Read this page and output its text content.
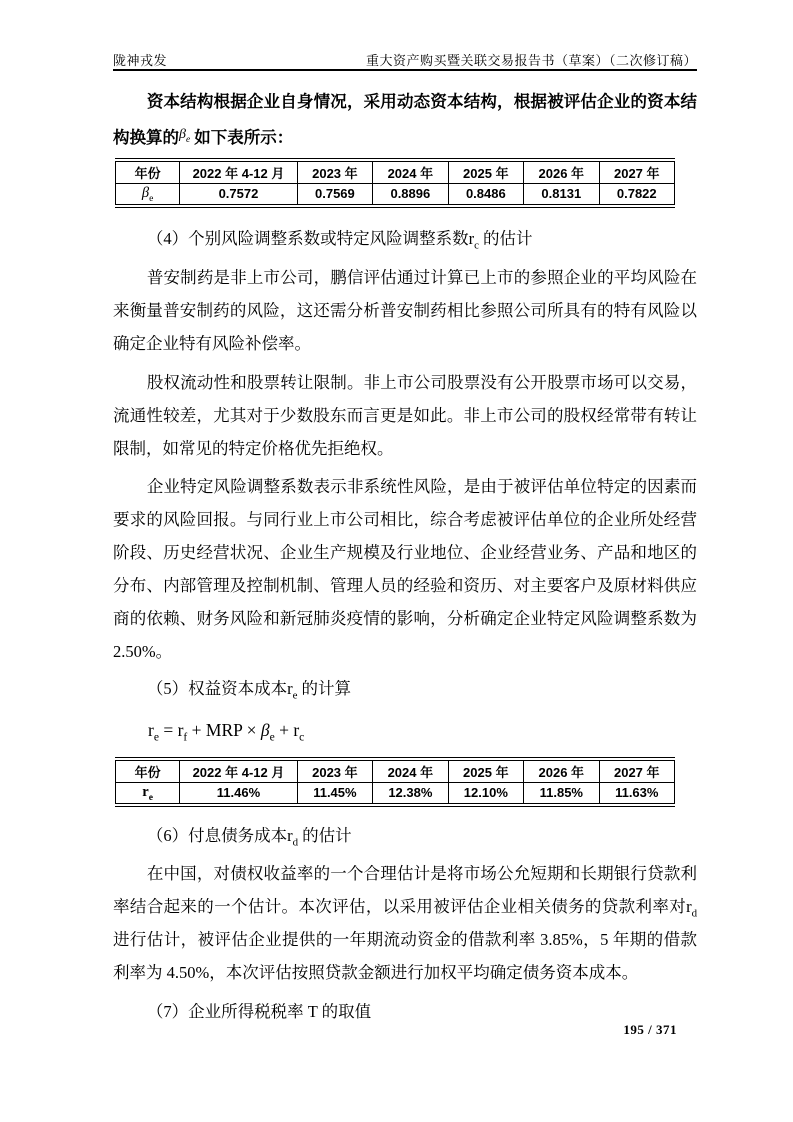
陇神戎发	重大资产购买暨关联交易报告书（草案）（二次修订稿）

资本结构根据企业自身情况，采用动态资本结构，根据被评估企业的资本结构换算的$^{\beta_e}$ 如下表所示：

年份	2022 年 4-12 月	2023 年	2024 年	2025 年	2026 年	2027 年
$\beta_e$	0.7572	0.7569	0.8896	0.8486	0.8131	0.7822

（4）个别风险调整系数或特定风险调整系数$r_c$ 的估计

普安制药是非上市公司，鹏信评估通过计算已上市的参照企业的平均风险在来衡量普安制药的风险，这还需分析普安制药相比参照公司所具有的特有风险以确定企业特有风险补偿率。

股权流动性和股票转让限制。非上市公司股票没有公开股票市场可以交易，流通性较差，尤其对于少数股东而言更是如此。非上市公司的股权经常带有转让限制，如常见的特定价格优先拒绝权。

企业特定风险调整系数表示非系统性风险，是由于被评估单位特定的因素而要求的风险回报。与同行业上市公司相比，综合考虑被评估单位的企业所处经营阶段、历史经营状况、企业生产规模及行业地位、企业经营业务、产品和地区的分布、内部管理及控制机制、管理人员的经验和资历、对主要客户及原材料供应商的依赖、财务风险和新冠肺炎疫情的影响，分析确定企业特定风险调整系数为 2.50%。

（5）权益资本成本$r_e$ 的计算

$r_e = r_f$ + MRP × $\beta_e + r_c$
年份	2022 年 4-12 月	2023 年	2024 年	2025 年	2026 年	2027 年
$r_e$	11.46%	11.45%	12.38%	12.10%	11.85%	11.63%

（6）付息债务成本$r_d$ 的估计

在中国，对债权收益率的一个合理估计是将市场公允短期和长期银行贷款利率结合起来的一个估计。本次评估，以采用被评估企业相关债务的贷款利率对$r_d$进行估计，被评估企业提供的一年期流动资金的借款利率 3.85%，5 年期的借款利率为 4.50%，本次评估按照贷款金额进行加权平均确定债务资本成本。

（7）企业所得税税率 T 的取值

195 / 371
